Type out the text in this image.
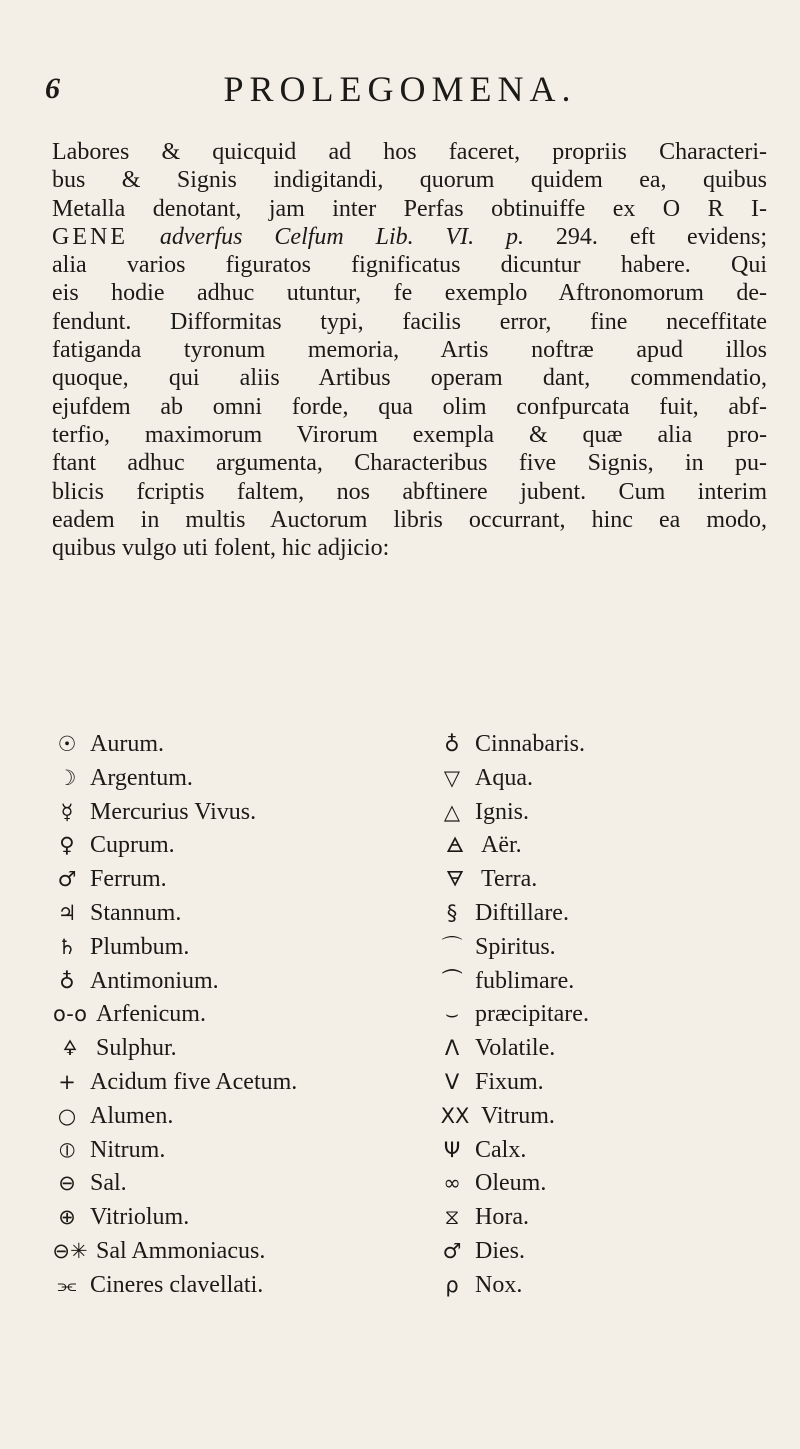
6	PROLEGOMENA.
Labores & quicquid ad hos faceret, propriis Characteri-
bus & Signis indigitandi, quorum quidem ea, quibus
Metalla denotant, jam inter Perfas obtinuiffe ex O R I-
GENE adverfus Celfum Lib. VI. p. 294. eft evidens;
alia varios figuratos fignificatus dicuntur habere. Qui
eis hodie adhuc utuntur, fe exemplo Aftronomorum de-
fendunt. Difformitas typi, facilis error, fine neceffitate
fatiganda tyronum memoria, Artis noftræ apud illos
quoque, qui aliis Artibus operam dant, commendatio,
ejufdem ab omni forde, qua olim confpurcata fuit, abf-
terfio, maximorum Virorum exempla & quæ alia pro-
ftant adhuc argumenta, Characteribus five Signis, in pu-
blicis fcriptis faltem, nos abftinere jubent. Cum interim
eadem in multis Auctorum libris occurrant, hinc ea modo,
quibus vulgo uti folent, hic adjicio:
☉ Aurum.
☽ Argentum.
☿ Mercurius Vivus.
♀ Cuprum.
♂ Ferrum.
♃ Stannum.
♄ Plumbum.
♁ Antimonium.
o-o Arfenicum.
🜍 Sulphur.
+ Acidum five Acetum.
○ Alumen.
⦶ Nitrum.
⊖ Sal.
⊕ Vitriolum.
⊖✳ Sal Ammoniacus.
⫘ Cineres clavellati.
♁ Cinnabaris.
▽ Aqua.
△ Ignis.
🜁 Aër.
🜃 Terra.
§ Diftillare.
⌒ Spiritus.
⏜ fublimare.
⌣ præcipitare.
Λ Volatile.
V Fixum.
XX Vitrum.
Ψ Calx.
∞ Oleum.
⧖ Hora.
♂ Dies.
ρ Nox.
